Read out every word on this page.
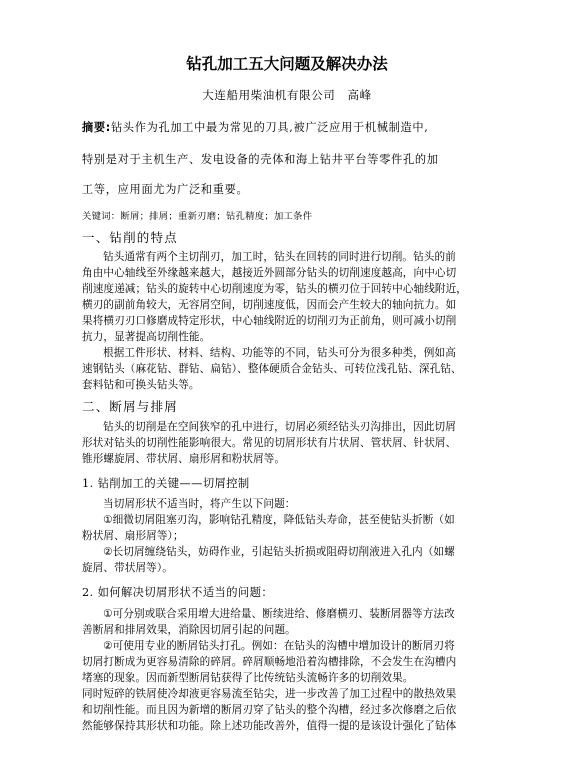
钻孔加工五大问题及解决办法
大连船用柴油机有限公司　高峰
摘要:钻头作为孔加工中最为常见的刀具,被广泛应用于机械制造中,
特别是对于主机生产、发电设备的壳体和海上钻井平台等零件孔的加
工等，应用面尤为广泛和重要。
关键词：断屑；排屑；重新刃磨；钻孔精度；加工条件
一、钻削的特点
钻头通常有两个主切削刃，加工时，钻头在回转的同时进行切削。钻头的前
角由中心轴线至外缘越来越大，越接近外圆部分钻头的切削速度越高，向中心切
削速度递减；钻头的旋转中心切削速度为零，钻头的横刃位于回转中心轴线附近，
横刃的副前角较大，无容屑空间，切削速度低，因而会产生较大的轴向抗力。如
果将横刃刃口修磨成特定形状，中心轴线附近的切削刃为正前角，则可减小切削
抗力，显著提高切削性能。
根据工件形状、材料、结构、功能等的不同，钻头可分为很多种类，例如高
速钢钻头（麻花钻、群钻、扁钻）、整体硬质合金钻头、可转位浅孔钻、深孔钻、
套料钻和可换头钻头等。
二、断屑与排屑
钻头的切削是在空间狭窄的孔中进行，切屑必须经钻头刃沟排出，因此切屑
形状对钻头的切削性能影响很大。常见的切屑形状有片状屑、管状屑、针状屑、
锥形螺旋屑、带状屑、扇形屑和粉状屑等。
1. 钻削加工的关键——切屑控制
当切屑形状不适当时，将产生以下问题：
①细微切屑阻塞刃沟，影响钻孔精度，降低钻头寿命，甚至使钻头折断（如
粉状屑、扇形屑等）；
②长切屑缠绕钻头，妨碍作业，引起钻头折损或阻碍切削液进入孔内（如螺
旋屑、带状屑等）。
2. 如何解决切屑形状不适当的问题：
①可分别或联合采用增大进给量、断续进给、修磨横刃、装断屑器等方法改
善断屑和排屑效果，消除因切屑引起的问题。
②可使用专业的断屑钻头打孔。例如：在钻头的沟槽中增加设计的断屑刃将
切屑打断成为更容易清除的碎屑。碎屑顺畅地沿着沟槽排除，不会发生在沟槽内
堵塞的现象。因而新型断屑钻获得了比传统钻头流畅许多的切削效果。
同时短碎的铁屑使冷却液更容易流至钻尖，进一步改善了加工过程中的散热效果
和切削性能。而且因为新增的断屑刃穿了钻头的整个沟槽，经过多次修磨之后依
然能够保持其形状和功能。除上述功能改善外，值得一提的是该设计强化了钻体
